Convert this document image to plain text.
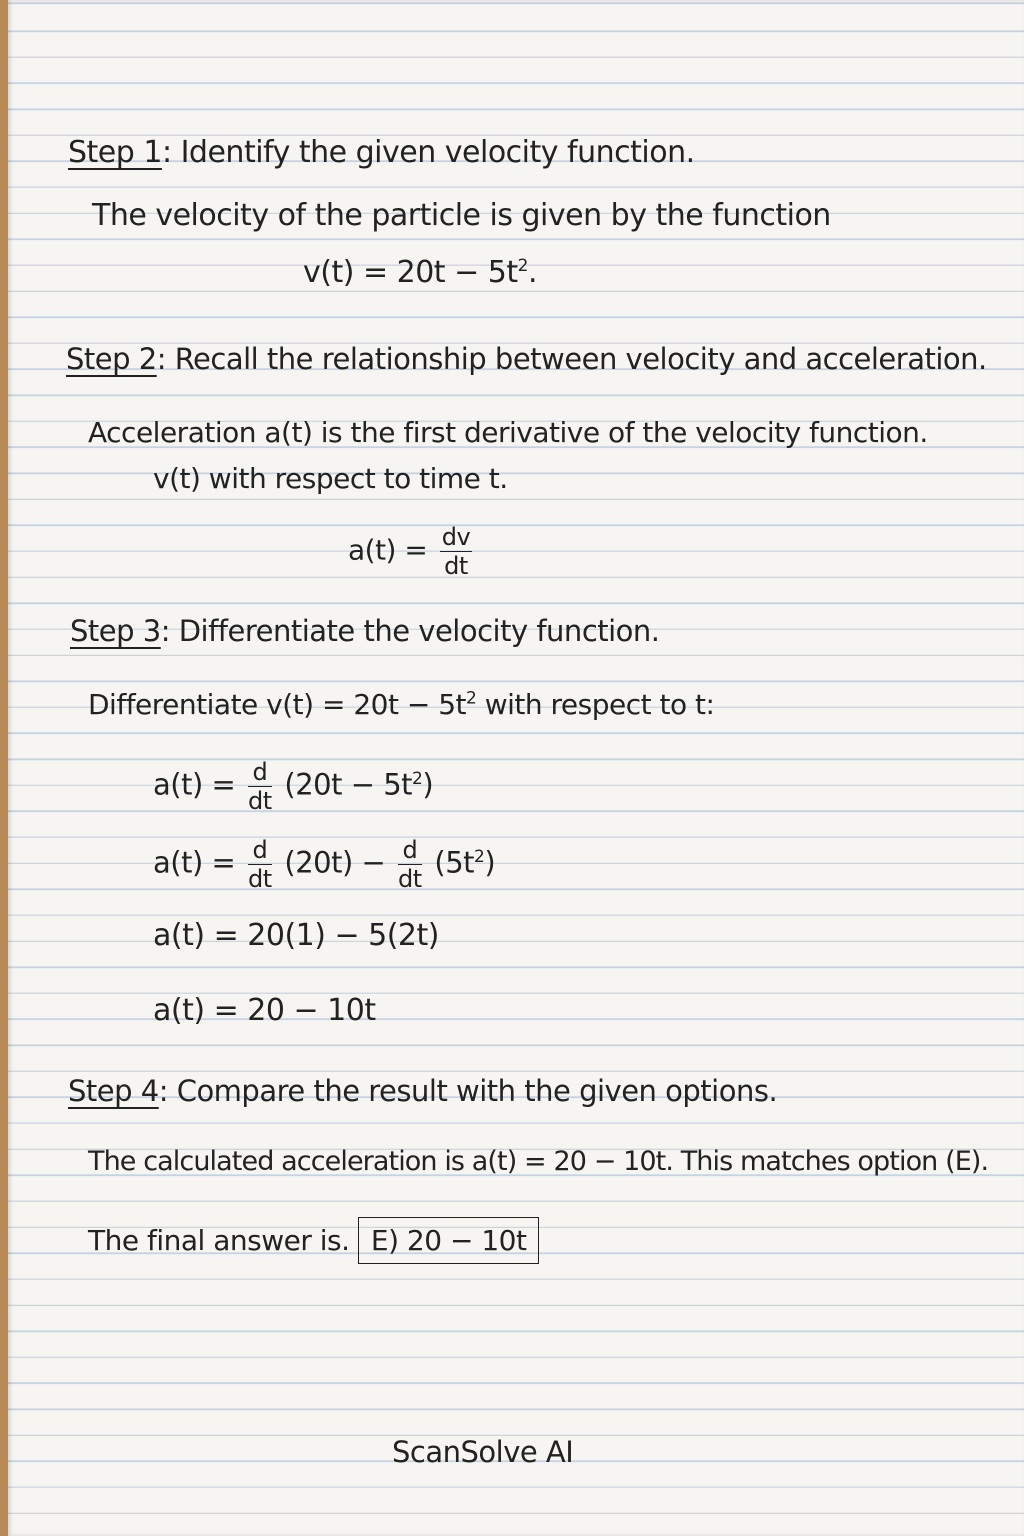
Step 1: Identify the given velocity function.
The velocity of the particle is given by the function
$v(t) = 20t - 5t^2$.
Step 2: Recall the relationship between velocity and acceleration.
Acceleration a(t) is the first derivative of the velocity function.
v(t) with respect to time t.
$a(t) = \frac{dv}{dt}$
Step 3: Differentiate the velocity function.
Differentiate $v(t) = 20t - 5t^2$ with respect to t:
$a(t) = \frac{d}{dt} (20t - 5t^2)$
$a(t) = \frac{d}{dt} (20t) - \frac{d}{dt} (5t^2)$
a(t) = 20(1) − 5(2t)
a(t) = 20 − 10t
Step 4: Compare the result with the given options.
The calculated acceleration is a(t) = 20 − 10t. This matches option (E).
The final answer is. E) 20 − 10t
ScanSolve AI
